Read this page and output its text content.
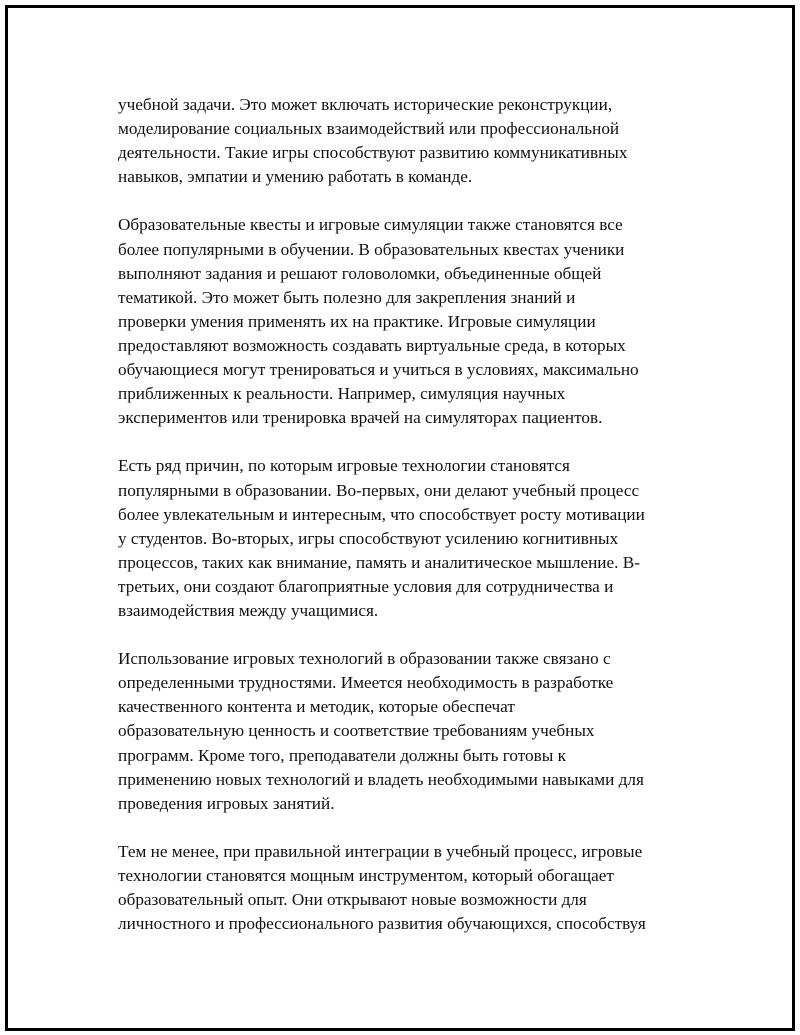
учебной задачи. Это может включать исторические реконструкции,
моделирование социальных взаимодействий или профессиональной
деятельности. Такие игры способствуют развитию коммуникативных
навыков, эмпатии и умению работать в команде.

Образовательные квесты и игровые симуляции также становятся все
более популярными в обучении. В образовательных квестах ученики
выполняют задания и решают головоломки, объединенные общей
тематикой. Это может быть полезно для закрепления знаний и
проверки умения применять их на практике. Игровые симуляции
предоставляют возможность создавать виртуальные среда, в которых
обучающиеся могут тренироваться и учиться в условиях, максимально
приближенных к реальности. Например, симуляция научных
экспериментов или тренировка врачей на симуляторах пациентов.

Есть ряд причин, по которым игровые технологии становятся
популярными в образовании. Во-первых, они делают учебный процесс
более увлекательным и интересным, что способствует росту мотивации
у студентов. Во-вторых, игры способствуют усилению когнитивных
процессов, таких как внимание, память и аналитическое мышление. В-
третьих, они создают благоприятные условия для сотрудничества и
взаимодействия между учащимися.

Использование игровых технологий в образовании также связано с
определенными трудностями. Имеется необходимость в разработке
качественного контента и методик, которые обеспечат
образовательную ценность и соответствие требованиям учебных
программ. Кроме того, преподаватели должны быть готовы к
применению новых технологий и владеть необходимыми навыками для
проведения игровых занятий.

Тем не менее, при правильной интеграции в учебный процесс, игровые
технологии становятся мощным инструментом, который обогащает
образовательный опыт. Они открывают новые возможности для
личностного и профессионального развития обучающихся, способствуя
